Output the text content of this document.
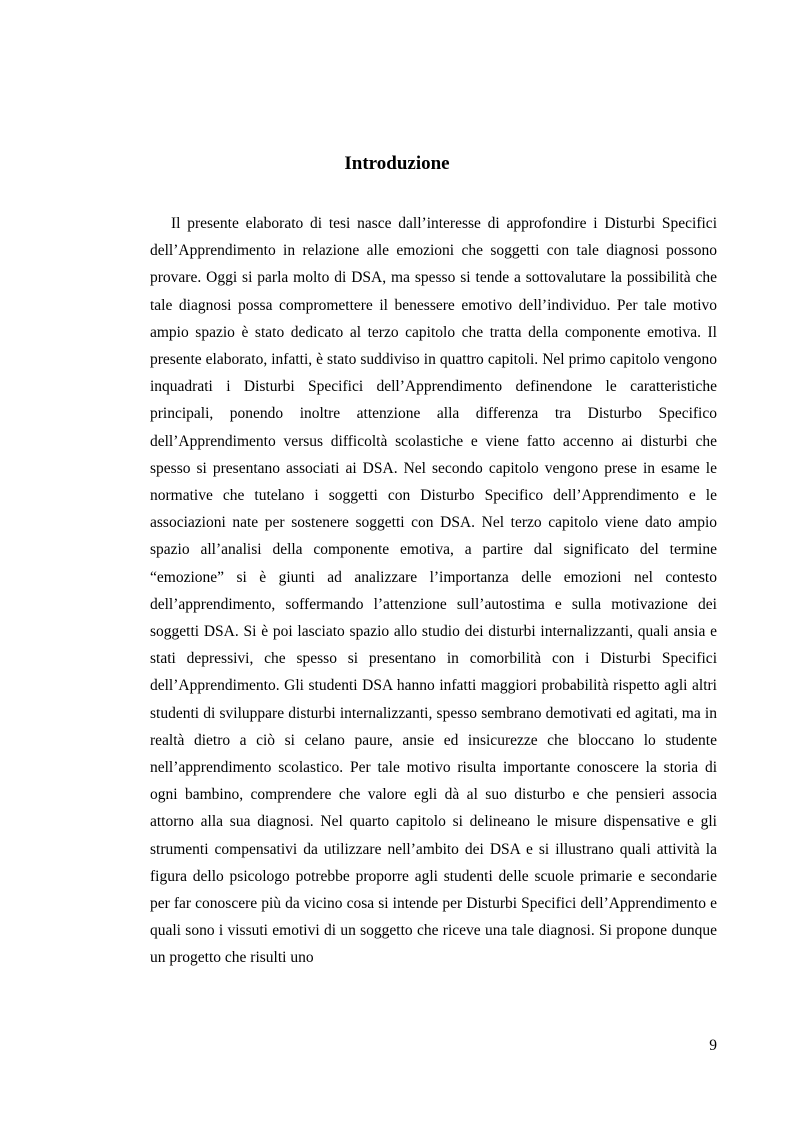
Introduzione

Il presente elaborato di tesi nasce dall’interesse di approfondire i Disturbi Specifici dell’Apprendimento in relazione alle emozioni che soggetti con tale diagnosi possono provare. Oggi si parla molto di DSA, ma spesso si tende a sottovalutare la possibilità che tale diagnosi possa compromettere il benessere emotivo dell’individuo. Per tale motivo ampio spazio è stato dedicato al terzo capitolo che tratta della componente emotiva. Il presente elaborato, infatti, è stato suddiviso in quattro capitoli. Nel primo capitolo vengono inquadrati i Disturbi Specifici dell’Apprendimento definendone le caratteristiche principali, ponendo inoltre attenzione alla differenza tra Disturbo Specifico dell’Apprendimento versus difficoltà scolastiche e viene fatto accenno ai disturbi che spesso si presentano associati ai DSA. Nel secondo capitolo vengono prese in esame le normative che tutelano i soggetti con Disturbo Specifico dell’Apprendimento e le associazioni nate per sostenere soggetti con DSA. Nel terzo capitolo viene dato ampio spazio all’analisi della componente emotiva, a partire dal significato del termine “emozione” si è giunti ad analizzare l’importanza delle emozioni nel contesto dell’apprendimento, soffermando l’attenzione sull’autostima e sulla motivazione dei soggetti DSA. Si è poi lasciato spazio allo studio dei disturbi internalizzanti, quali ansia e stati depressivi, che spesso si presentano in comorbilità con i Disturbi Specifici dell’Apprendimento. Gli studenti DSA hanno infatti maggiori probabilità rispetto agli altri studenti di sviluppare disturbi internalizzanti, spesso sembrano demotivati ed agitati, ma in realtà dietro a ciò si celano paure, ansie ed insicurezze che bloccano lo studente nell’apprendimento scolastico. Per tale motivo risulta importante conoscere la storia di ogni bambino, comprendere che valore egli dà al suo disturbo e che pensieri associa attorno alla sua diagnosi. Nel quarto capitolo si delineano le misure dispensative e gli strumenti compensativi da utilizzare nell’ambito dei DSA e si illustrano quali attività la figura dello psicologo potrebbe proporre agli studenti delle scuole primarie e secondarie per far conoscere più da vicino cosa si intende per Disturbi Specifici dell’Apprendimento e quali sono i vissuti emotivi di un soggetto che riceve una tale diagnosi. Si propone dunque un progetto che risulti uno

9
